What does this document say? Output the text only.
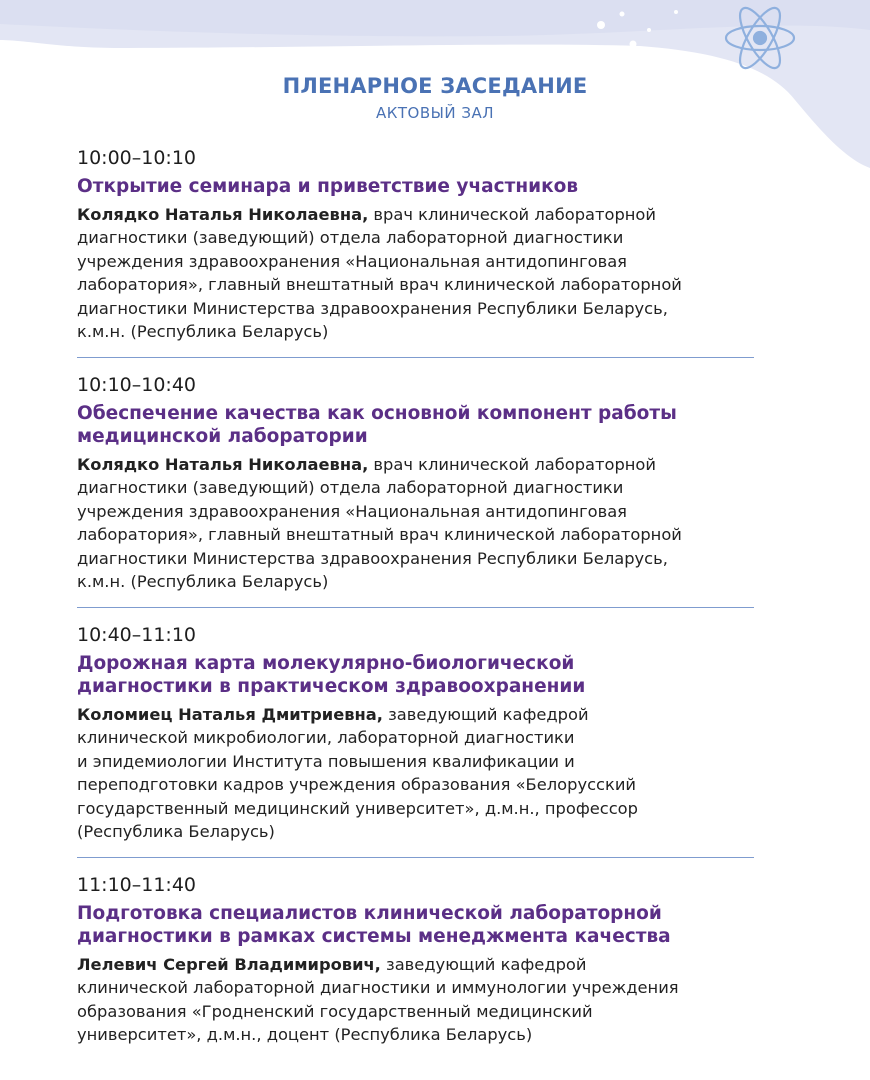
ПЛЕНАРНОЕ ЗАСЕДАНИЕ
АКТОВЫЙ ЗАЛ
10:00–10:10
Открытие семинара и приветствие участников
Колядко Наталья Николаевна, врач клинической лабораторной
диагностики (заведующий) отдела лабораторной диагностики
учреждения здравоохранения «Национальная антидопинговая
лаборатория», главный внештатный врач клинической лабораторной
диагностики Министерства здравоохранения Республики Беларусь,
к.м.н. (Республика Беларусь)
10:10–10:40
Обеспечение качества как основной компонент работы
медицинской лаборатории
Колядко Наталья Николаевна, врач клинической лабораторной
диагностики (заведующий) отдела лабораторной диагностики
учреждения здравоохранения «Национальная антидопинговая
лаборатория», главный внештатный врач клинической лабораторной
диагностики Министерства здравоохранения Республики Беларусь,
к.м.н. (Республика Беларусь)
10:40–11:10
Дорожная карта молекулярно-биологической
диагностики в практическом здравоохранении
Коломиец Наталья Дмитриевна, заведующий кафедрой
клинической микробиологии, лабораторной диагностики
и эпидемиологии Института повышения квалификации и
переподготовки кадров учреждения образования «Белорусский
государственный медицинский университет», д.м.н., профессор
(Республика Беларусь)
11:10–11:40
Подготовка специалистов клинической лабораторной
диагностики в рамках системы менеджмента качества
Лелевич Сергей Владимирович, заведующий кафедрой
клинической лабораторной диагностики и иммунологии учреждения
образования «Гродненский государственный медицинский
университет», д.м.н., доцент (Республика Беларусь)
